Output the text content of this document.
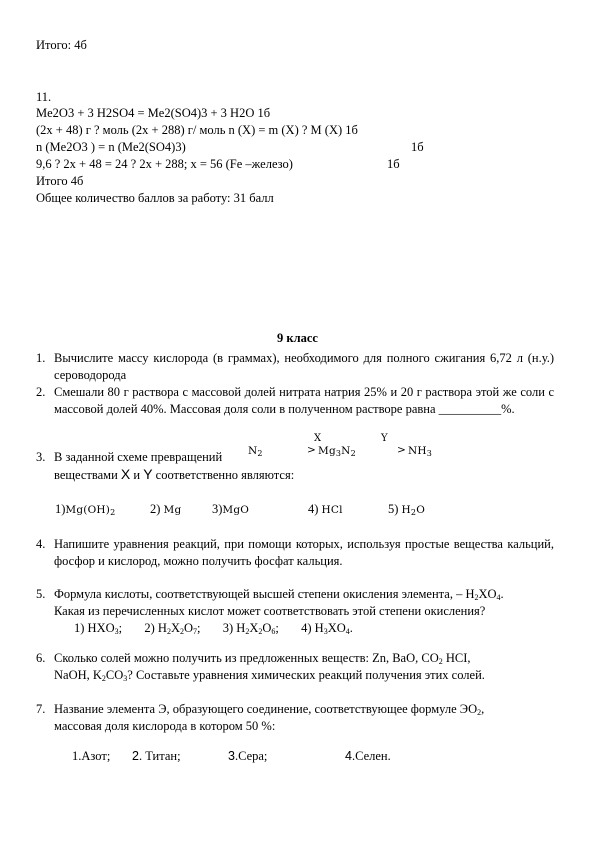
Итого: 4б
11.
Me2O3 + 3 H2SO4 = Me2(SO4)3 + 3 H2O 1б
(2x + 48) г ? моль (2x + 288) г/ моль n (X) = m (X) ? M (X) 1б
n (Me2O3 ) = n (Me2(SO4)3)	1б
9,6 ? 2x + 48 = 24 ? 2x + 288; x = 56 (Fe –железо)	1б
Итого 4б
Общее количество баллов за работу: 31 балл
9 класс
1. Вычислите массу кислорода (в граммах), необходимого для полного сжигания 6,72 л (н.у.) сероводорода
2. Смешали 80 г раствора с массовой долей нитрата натрия 25% и 20 г раствора этой же соли с массовой долей 40%. Массовая доля соли в полученном растворе равна __________%.
3. В заданной схеме превращений
веществами X и Y соответственно являются:
$N_2$
X
> $Mg_3N_2$
Y
> $NH_3$
$1)Mg(OH)_2$	2) Mg 3)MgO	4) HCl	5) $H_2O$
4. Напишите уравнения реакций, при помощи которых, используя простые вещества кальций, фосфор и кислород, можно получить фосфат кальция.
5. Формула кислоты, соответствующей высшей степени окисления элемента, – $H_2XO_4$.
Какая из перечисленных кислот может соответствовать этой степени окисления?
1) $HXO_3$; 2) $H_2X_2O_7$; 3) $H_2X_2O_6$; 4) $H_3XO_4$.
6. Сколько солей можно получить из предложенных веществ: Zn, BaO, $CO_2$ HCI,
NaOH, $K_2CO_3$? Составьте уравнения химических реакций получения этих солей.
7. Название элемента Э, образующего соединение, соответствующее формуле $ЭО_2$,
массовая доля кислорода в котором 50 %:
1.Азот; 2. Титан;	3.Сера;	4.Селен.
